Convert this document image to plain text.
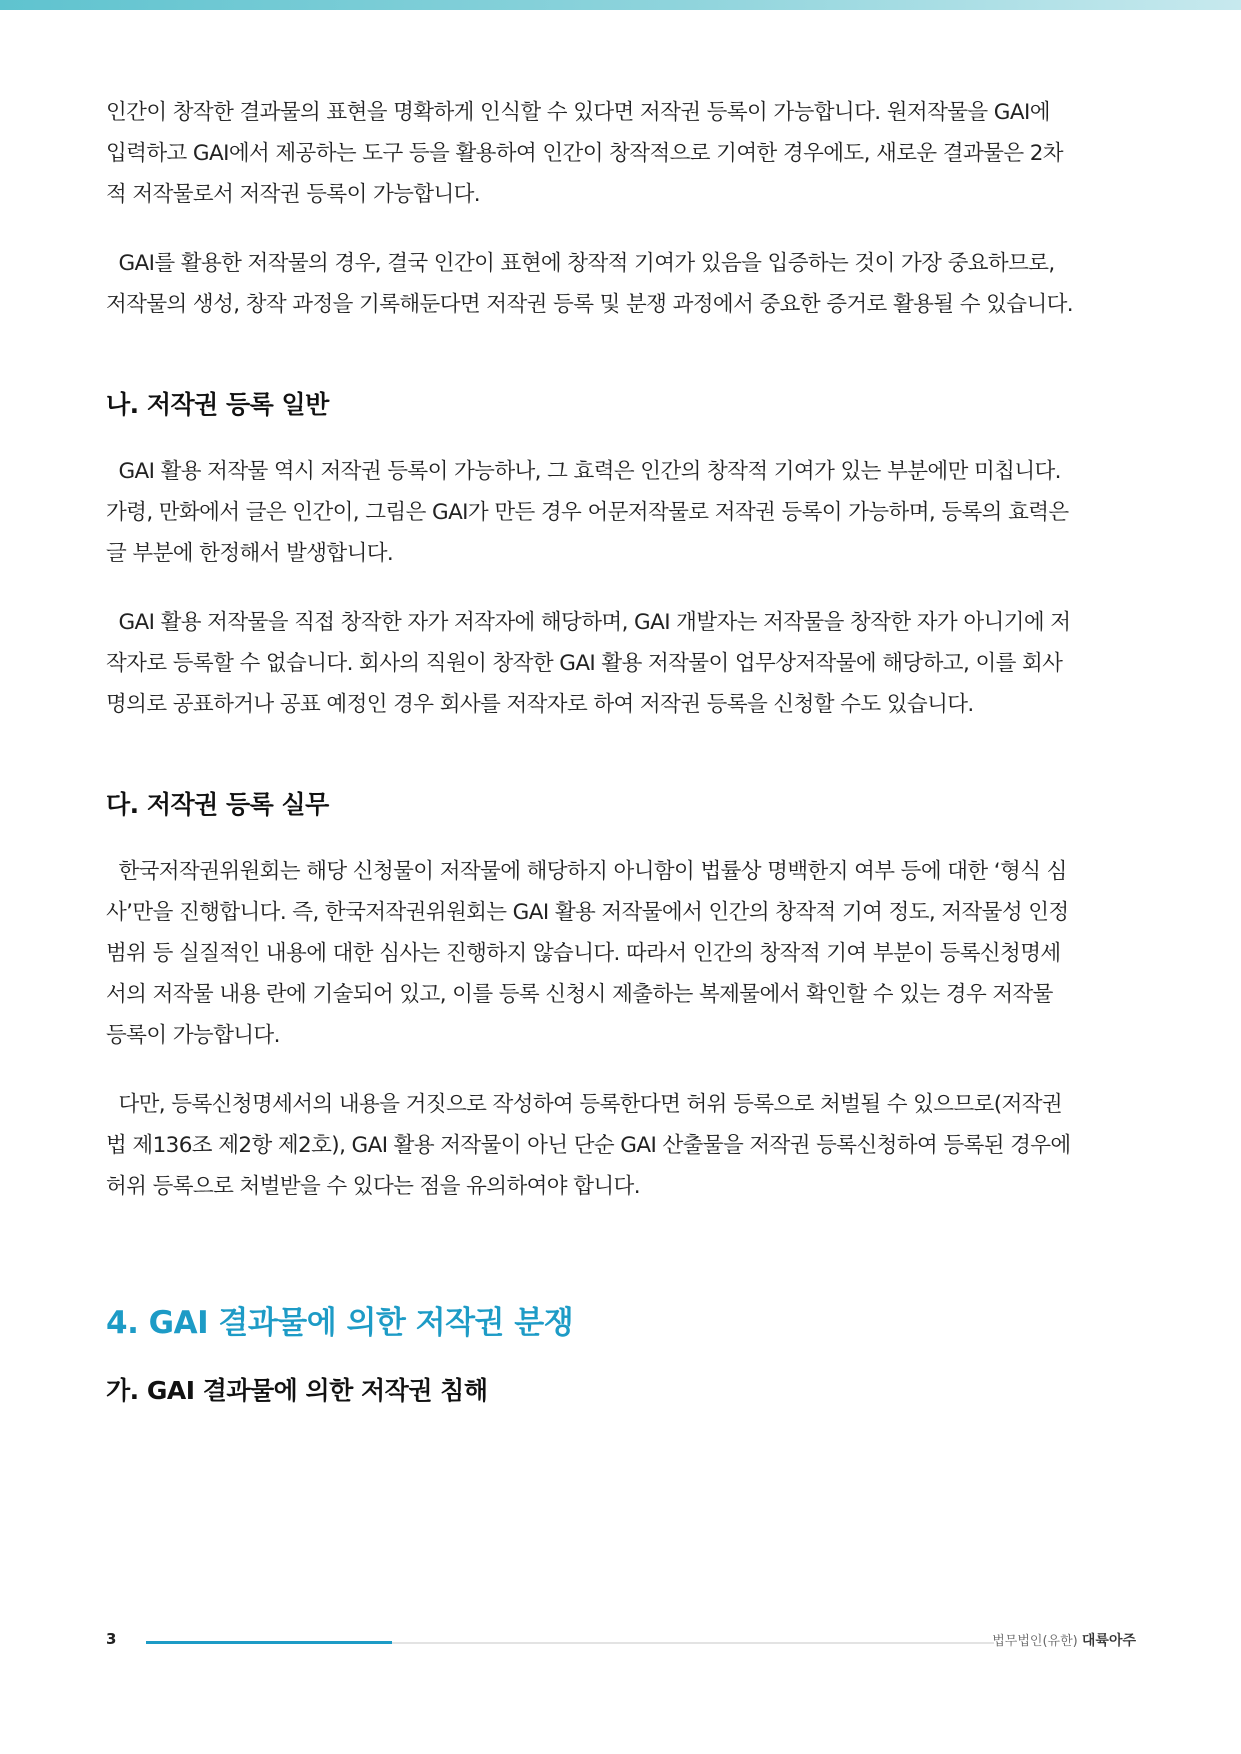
인간이 창작한 결과물의 표현을 명확하게 인식할 수 있다면 저작권 등록이 가능합니다. 원저작물을 GAI에
입력하고 GAI에서 제공하는 도구 등을 활용하여 인간이 창작적으로 기여한 경우에도, 새로운 결과물은 2차
적 저작물로서 저작권 등록이 가능합니다.

GAI를 활용한 저작물의 경우, 결국 인간이 표현에 창작적 기여가 있음을 입증하는 것이 가장 중요하므로,
저작물의 생성, 창작 과정을 기록해둔다면 저작권 등록 및 분쟁 과정에서 중요한 증거로 활용될 수 있습니다.

나. 저작권 등록 일반

GAI 활용 저작물 역시 저작권 등록이 가능하나, 그 효력은 인간의 창작적 기여가 있는 부분에만 미칩니다.
가령, 만화에서 글은 인간이, 그림은 GAI가 만든 경우 어문저작물로 저작권 등록이 가능하며, 등록의 효력은
글 부분에 한정해서 발생합니다.

GAI 활용 저작물을 직접 창작한 자가 저작자에 해당하며, GAI 개발자는 저작물을 창작한 자가 아니기에 저
작자로 등록할 수 없습니다. 회사의 직원이 창작한 GAI 활용 저작물이 업무상저작물에 해당하고, 이를 회사
명의로 공표하거나 공표 예정인 경우 회사를 저작자로 하여 저작권 등록을 신청할 수도 있습니다.

다. 저작권 등록 실무

한국저작권위원회는 해당 신청물이 저작물에 해당하지 아니함이 법률상 명백한지 여부 등에 대한 ‘형식 심
사’만을 진행합니다. 즉, 한국저작권위원회는 GAI 활용 저작물에서 인간의 창작적 기여 정도, 저작물성 인정
범위 등 실질적인 내용에 대한 심사는 진행하지 않습니다. 따라서 인간의 창작적 기여 부분이 등록신청명세
서의 저작물 내용 란에 기술되어 있고, 이를 등록 신청시 제출하는 복제물에서 확인할 수 있는 경우 저작물
등록이 가능합니다.

다만, 등록신청명세서의 내용을 거짓으로 작성하여 등록한다면 허위 등록으로 처벌될 수 있으므로(저작권
법 제136조 제2항 제2호), GAI 활용 저작물이 아닌 단순 GAI 산출물을 저작권 등록신청하여 등록된 경우에
허위 등록으로 처벌받을 수 있다는 점을 유의하여야 합니다.

4. GAI 결과물에 의한 저작권 분쟁
가. GAI 결과물에 의한 저작권 침해
3	법무법인(유한) 대륙아주
